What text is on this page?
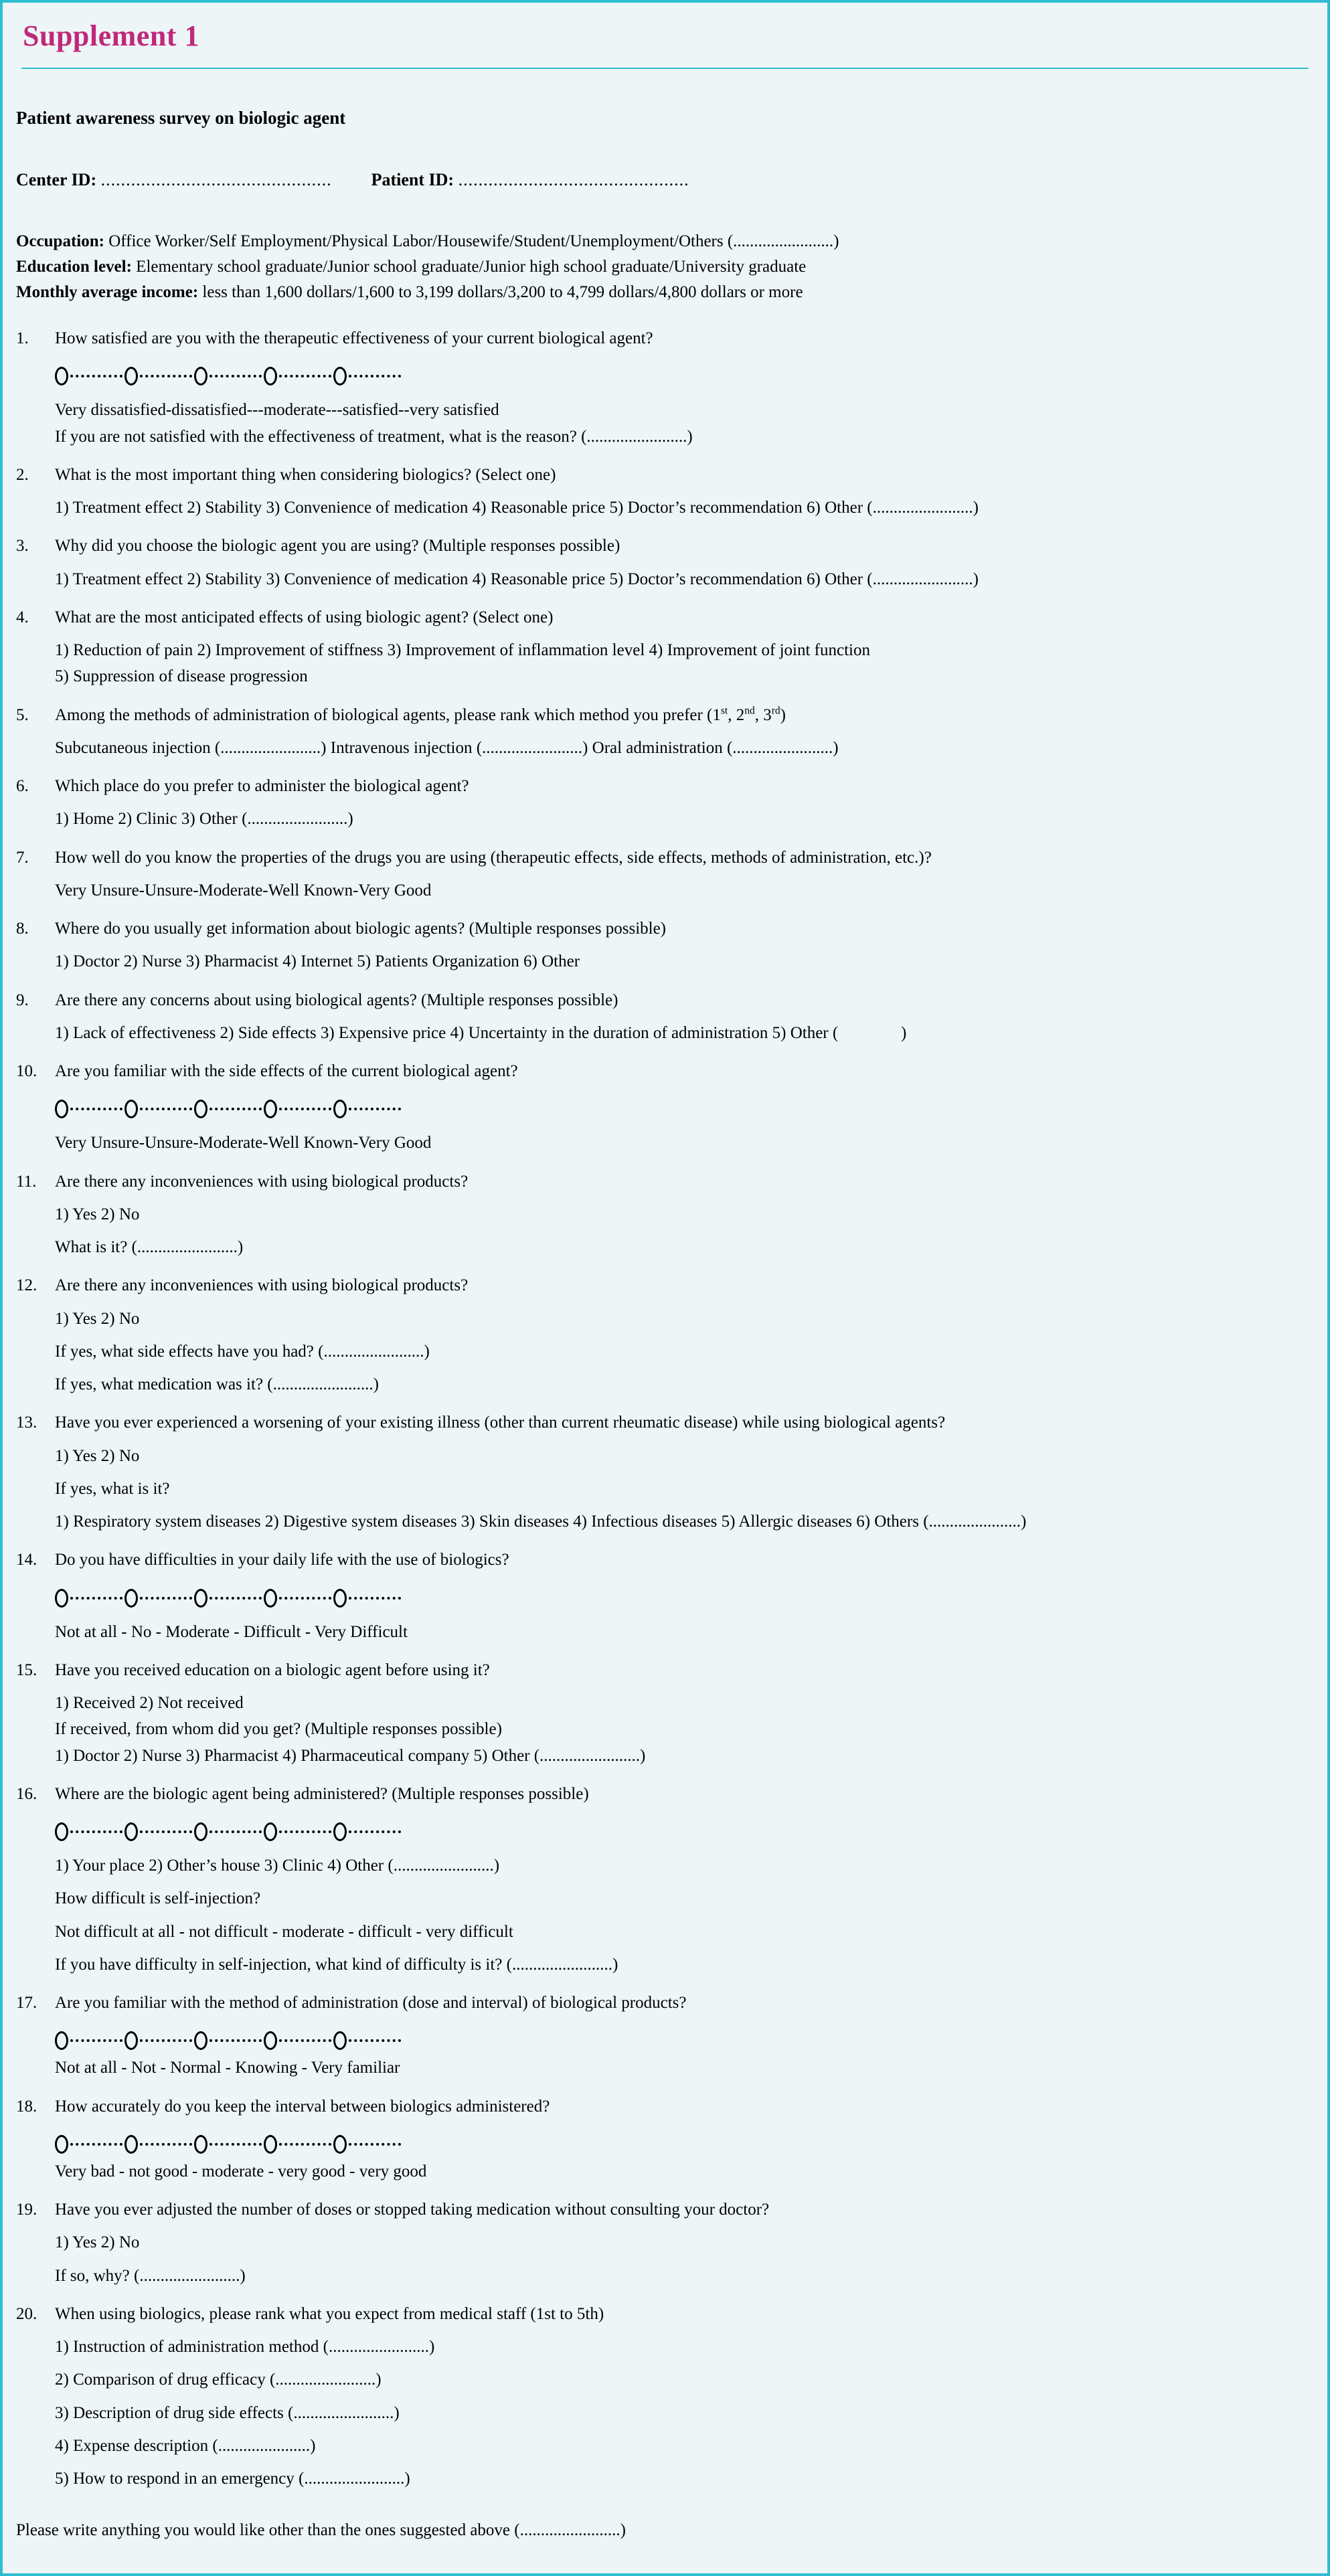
Supplement 1
Patient awareness survey on biologic agent
Center ID: .............................................. Patient ID: ..............................................
Occupation: Office Worker/Self Employment/Physical Labor/Housewife/Student/Unemployment/Others (........................)
Education level: Elementary school graduate/Junior school graduate/Junior high school graduate/University graduate
Monthly average income: less than 1,600 dollars/1,600 to 3,199 dollars/3,200 to 4,799 dollars/4,800 dollars or more
1.	How satisfied are you with the therapeutic effectiveness of your current biological agent?
Very dissatisfied-dissatisfied---moderate---satisfied--very satisfied
If you are not satisfied with the effectiveness of treatment, what is the reason? (........................)
2.	What is the most important thing when considering biologics? (Select one)
1) Treatment effect 2) Stability 3) Convenience of medication 4) Reasonable price 5) Doctor’s recommendation 6) Other (........................)
3.	Why did you choose the biologic agent you are using? (Multiple responses possible)
1) Treatment effect 2) Stability 3) Convenience of medication 4) Reasonable price 5) Doctor’s recommendation 6) Other (........................)
4.	What are the most anticipated effects of using biologic agent? (Select one)
1) Reduction of pain 2) Improvement of stiffness 3) Improvement of inflammation level 4) Improvement of joint function
5) Suppression of disease progression
5.	Among the methods of administration of biological agents, please rank which method you prefer (1st, 2nd, 3rd)
Subcutaneous injection (........................) Intravenous injection (........................) Oral administration (........................)
6.	Which place do you prefer to administer the biological agent?
1) Home 2) Clinic 3) Other (........................)
7.	How well do you know the properties of the drugs you are using (therapeutic effects, side effects, methods of administration, etc.)?
Very Unsure-Unsure-Moderate-Well Known-Very Good
8.	Where do you usually get information about biologic agents? (Multiple responses possible)
1) Doctor 2) Nurse 3) Pharmacist 4) Internet 5) Patients Organization 6) Other
9.	Are there any concerns about using biological agents? (Multiple responses possible)
1) Lack of effectiveness 2) Side effects 3) Expensive price 4) Uncertainty in the duration of administration 5) Other (               )
10.	Are you familiar with the side effects of the current biological agent?
Very Unsure-Unsure-Moderate-Well Known-Very Good
11.	Are there any inconveniences with using biological products?
1) Yes 2) No
What is it? (........................)
12.	Are there any inconveniences with using biological products?
1) Yes 2) No
If yes, what side effects have you had? (........................)
If yes, what medication was it? (........................)
13.	Have you ever experienced a worsening of your existing illness (other than current rheumatic disease) while using biological agents?
1) Yes 2) No
If yes, what is it?
1) Respiratory system diseases 2) Digestive system diseases 3) Skin diseases 4) Infectious diseases 5) Allergic diseases 6) Others (......................)
14.	Do you have difficulties in your daily life with the use of biologics?
Not at all - No - Moderate - Difficult - Very Difficult
15.	Have you received education on a biologic agent before using it?
1) Received 2) Not received
If received, from whom did you get? (Multiple responses possible)
1) Doctor 2) Nurse 3) Pharmacist 4) Pharmaceutical company 5) Other (........................)
16.	Where are the biologic agent being administered? (Multiple responses possible)
1) Your place 2) Other’s house 3) Clinic 4) Other (........................)
How difficult is self-injection?
Not difficult at all - not difficult - moderate - difficult - very difficult
If you have difficulty in self-injection, what kind of difficulty is it? (........................)
17.	Are you familiar with the method of administration (dose and interval) of biological products?
Not at all - Not - Normal - Knowing - Very familiar
18.	How accurately do you keep the interval between biologics administered?
Very bad - not good - moderate - very good - very good
19.	Have you ever adjusted the number of doses or stopped taking medication without consulting your doctor?
1) Yes 2) No
If so, why? (........................)
20.	When using biologics, please rank what you expect from medical staff (1st to 5th)
1) Instruction of administration method (........................)
2) Comparison of drug efficacy (........................)
3) Description of drug side effects (........................)
4) Expense description (......................)
5) How to respond in an emergency (........................)
Please write anything you would like other than the ones suggested above (........................)
